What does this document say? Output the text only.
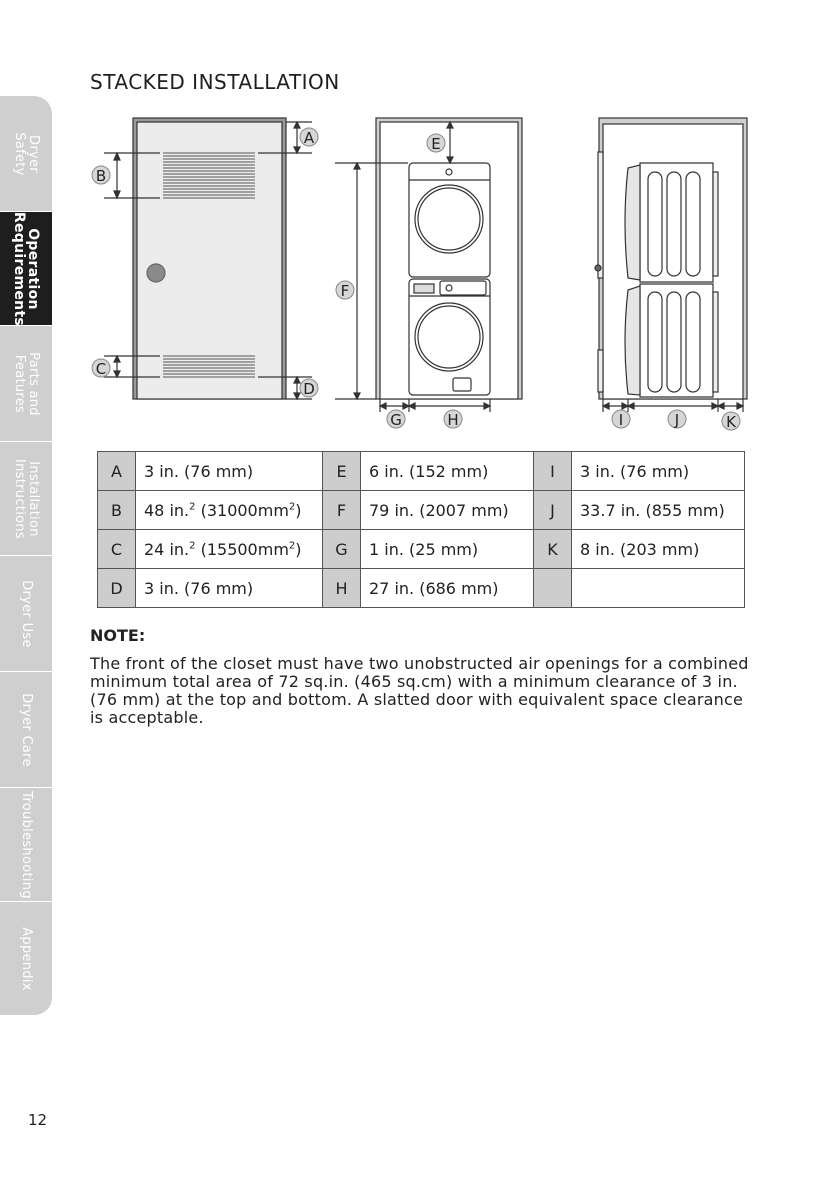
Dryer
Safety
Operation
Requirements
Parts and
Features
Installation
Instructions
Dryer Use
Dryer Care
Troubleshooting
Appendix
STACKED INSTALLATION
B
C
A
D
E
F
G	H	I	J	K
A	3 in. (76 mm)	E	6 in. (152 mm)	I	3 in. (76 mm)
B	48 in.$^2$ $(31000mm^2)$	F	79 in. (2007 mm)	J	33.7 in. (855 mm)
C	24 in.$^2$ $(15500mm^2)$	G	1 in. (25 mm)	K	8 in. (203 mm)
D	3 in. (76 mm)	H	27 in. (686 mm)		
NOTE:
The front of the closet must have two unobstructed air openings for a combined minimum total area of 72 sq.in. (465 sq.cm) with a minimum clearance of 3 in. (76 mm) at the top and bottom. A slatted door with equivalent space clearance is acceptable.
12
